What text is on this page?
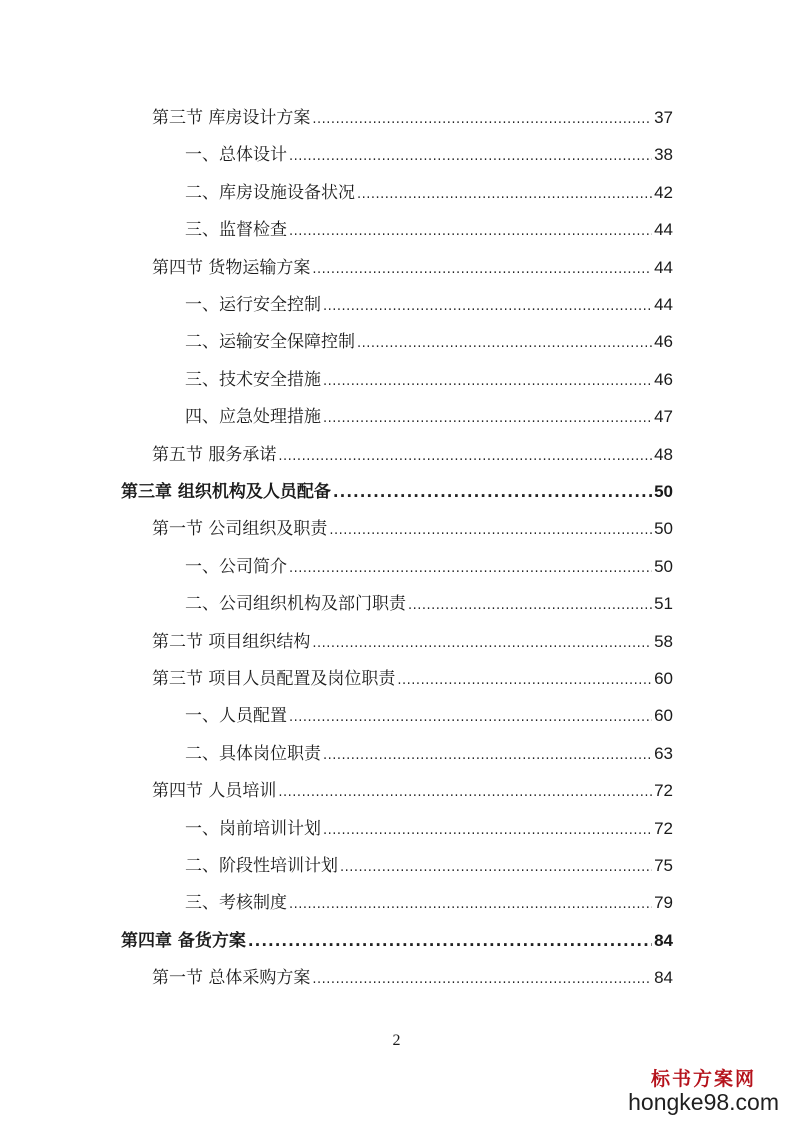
第三节 库房设计方案 .....	37
一、总体设计 .....	38
二、库房设施设备状况 .....	42
三、监督检查 .....	44
第四节 货物运输方案 .....	44
一、运行安全控制 .....	44
二、运输安全保障控制 .....	46
三、技术安全措施 .....	46
四、应急处理措施 .....	47
第五节 服务承诺 .....	48
第三章 组织机构及人员配备 .....	50
第一节 公司组织及职责 .....	50
一、公司简介 .....	50
二、公司组织机构及部门职责 .....	51
第二节 项目组织结构 .....	58
第三节 项目人员配置及岗位职责 .....	60
一、人员配置 .....	60
二、具体岗位职责 .....	63
第四节 人员培训 .....	72
一、岗前培训计划 .....	72
二、阶段性培训计划 .....	75
三、考核制度 .....	79
第四章 备货方案 .....	84
第一节 总体采购方案 .....	84
2
标书方案网
hongke98.com
